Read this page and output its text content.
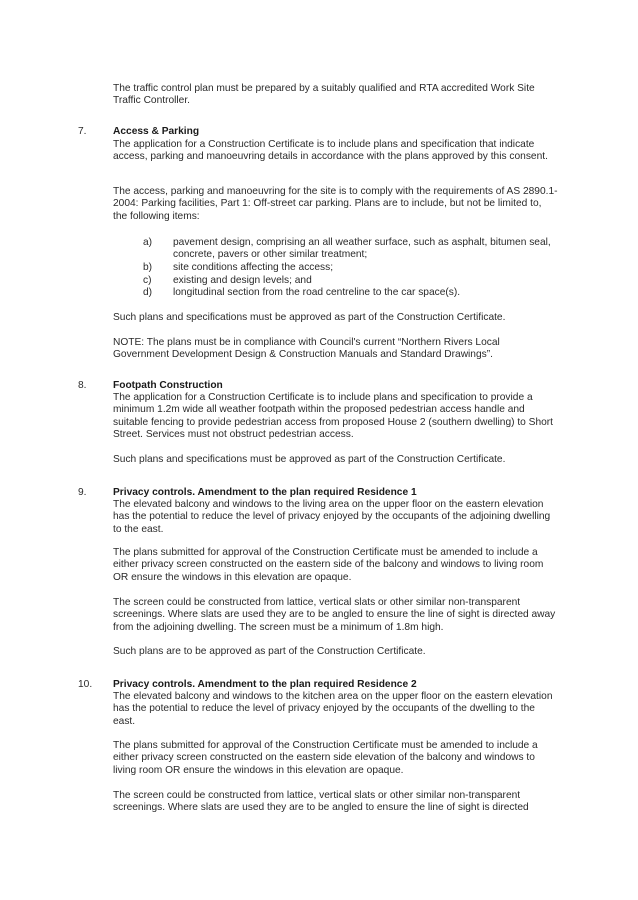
The traffic control plan must be prepared by a suitably qualified and RTA accredited Work Site Traffic Controller.

7.	Access & Parking

The application for a Construction Certificate is to include plans and specification that indicate access, parking and manoeuvring details in accordance with the plans approved by this consent.

The access, parking and manoeuvring for the site is to comply with the requirements of AS 2890.1-2004: Parking facilities, Part 1: Off-street car parking. Plans are to include, but not be limited to, the following items:

a) pavement design, comprising an all weather surface, such as asphalt, bitumen seal, concrete, pavers or other similar treatment;

b) site conditions affecting the access;

c) existing and design levels; and

d) longitudinal section from the road centreline to the car space(s).

Such plans and specifications must be approved as part of the Construction Certificate.

NOTE: The plans must be in compliance with Council's current “Northern Rivers Local Government Development Design & Construction Manuals and Standard Drawings”.

8.	Footpath Construction

The application for a Construction Certificate is to include plans and specification to provide a minimum 1.2m wide all weather footpath within the proposed pedestrian access handle and suitable fencing to provide pedestrian access from proposed House 2 (southern dwelling) to Short Street. Services must not obstruct pedestrian access.

Such plans and specifications must be approved as part of the Construction Certificate.

9.	Privacy controls. Amendment to the plan required Residence 1

The elevated balcony and windows to the living area on the upper floor on the eastern elevation has the potential to reduce the level of privacy enjoyed by the occupants of the adjoining dwelling to the east.

The plans submitted for approval of the Construction Certificate must be amended to include a either privacy screen constructed on the eastern side of the balcony and windows to living room OR ensure the windows in this elevation are opaque.

The screen could be constructed from lattice, vertical slats or other similar non-transparent screenings. Where slats are used they are to be angled to ensure the line of sight is directed away from the adjoining dwelling. The screen must be a minimum of 1.8m high.

Such plans are to be approved as part of the Construction Certificate.

10. Privacy controls. Amendment to the plan required Residence 2

The elevated balcony and windows to the kitchen area on the upper floor on the eastern elevation has the potential to reduce the level of privacy enjoyed by the occupants of the dwelling to the east.

The plans submitted for approval of the Construction Certificate must be amended to include a either privacy screen constructed on the eastern side elevation of the balcony and windows to living room OR ensure the windows in this elevation are opaque.

The screen could be constructed from lattice, vertical slats or other similar non-transparent screenings. Where slats are used they are to be angled to ensure the line of sight is directed
